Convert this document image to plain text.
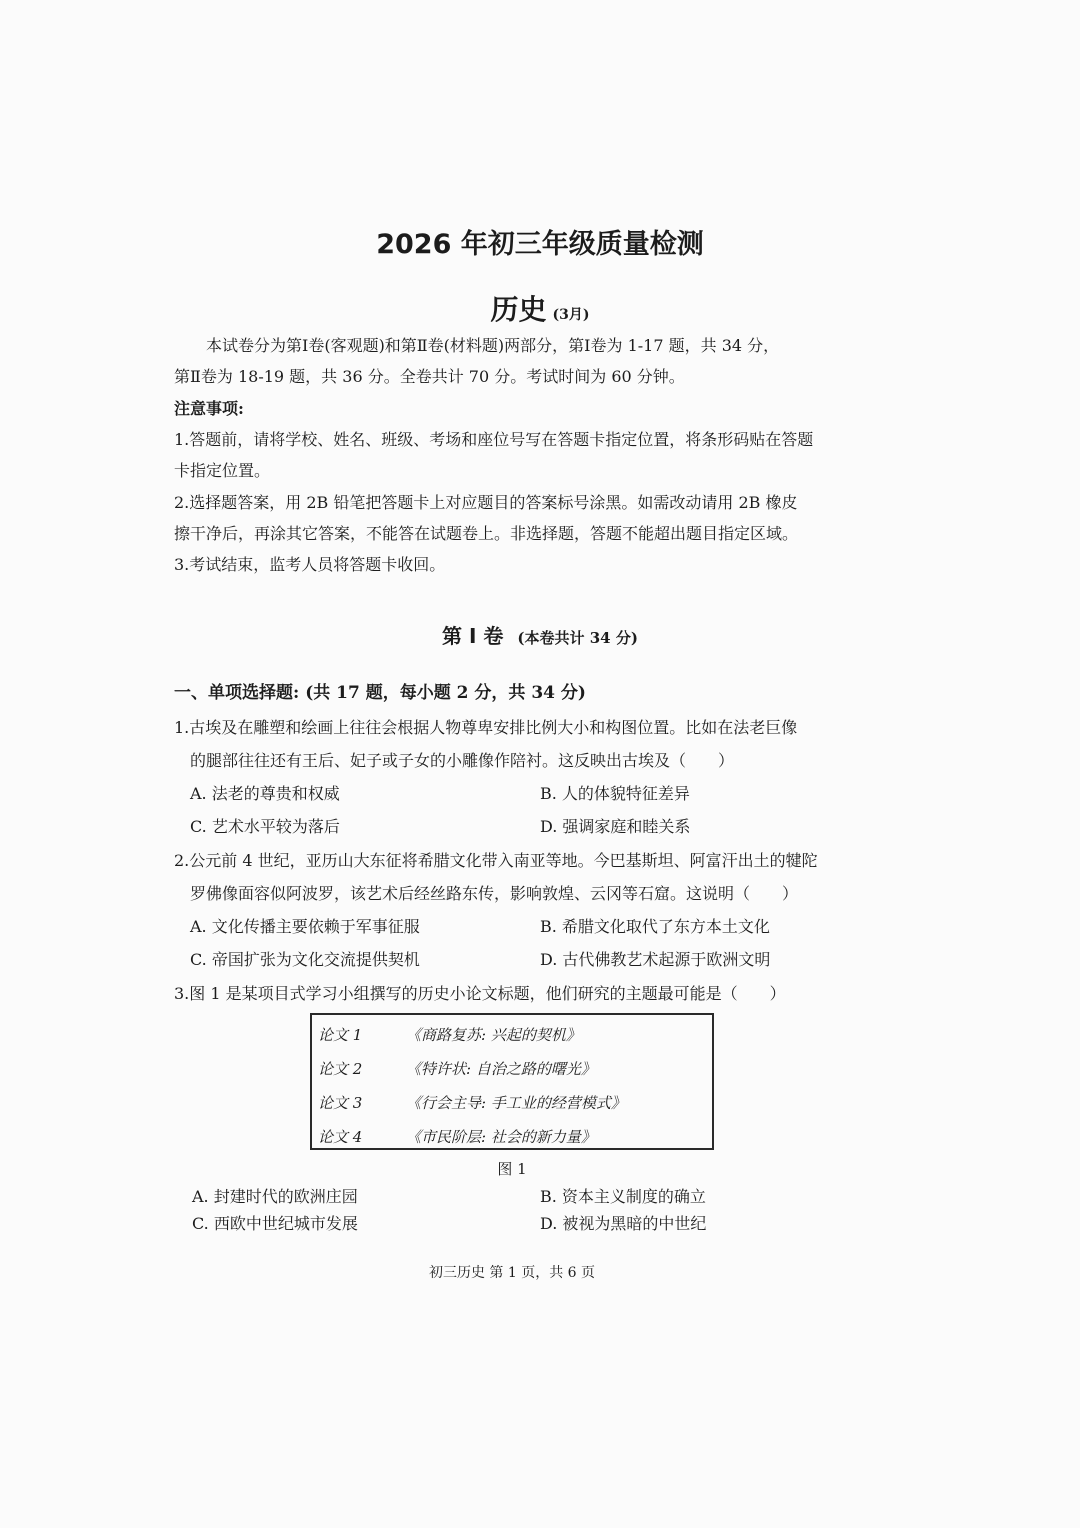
2026 年初三年级质量检测
历史 (3月)
本试卷分为第Ⅰ卷(客观题)和第Ⅱ卷(材料题)两部分，第Ⅰ卷为 1-17 题，共 34 分，
第Ⅱ卷为 18-19 题，共 36 分。全卷共计 70 分。考试时间为 60 分钟。
注意事项:
1.答题前，请将学校、姓名、班级、考场和座位号写在答题卡指定位置，将条形码贴在答题
卡指定位置。
2.选择题答案，用 2B 铅笔把答题卡上对应题目的答案标号涂黑。如需改动请用 2B 橡皮
擦干净后，再涂其它答案，不能答在试题卷上。非选择题，答题不能超出题目指定区域。
3.考试结束，监考人员将答题卡收回。
第 Ⅰ 卷 (本卷共计 34 分)
一、单项选择题: (共 17 题，每小题 2 分，共 34 分)
1.古埃及在雕塑和绘画上往往会根据人物尊卑安排比例大小和构图位置。比如在法老巨像
的腿部往往还有王后、妃子或子女的小雕像作陪衬。这反映出古埃及（　　）
A. 法老的尊贵和权威	B. 人的体貌特征差异
C. 艺术水平较为落后	D. 强调家庭和睦关系
2.公元前 4 世纪，亚历山大东征将希腊文化带入南亚等地。今巴基斯坦、阿富汗出土的犍陀
罗佛像面容似阿波罗，该艺术后经丝路东传，影响敦煌、云冈等石窟。这说明（　　）
A. 文化传播主要依赖于军事征服	B. 希腊文化取代了东方本土文化
C. 帝国扩张为文化交流提供契机	D. 古代佛教艺术起源于欧洲文明
3.图 1 是某项目式学习小组撰写的历史小论文标题，他们研究的主题最可能是（　　）
论文 1	《商路复苏: 兴起的契机》
论文 2	《特许状: 自治之路的曙光》
论文 3	《行会主导: 手工业的经营模式》
论文 4	《市民阶层: 社会的新力量》
图 1
A. 封建时代的欧洲庄园	B. 资本主义制度的确立
C. 西欧中世纪城市发展	D. 被视为黑暗的中世纪
初三历史 第 1 页，共 6 页
